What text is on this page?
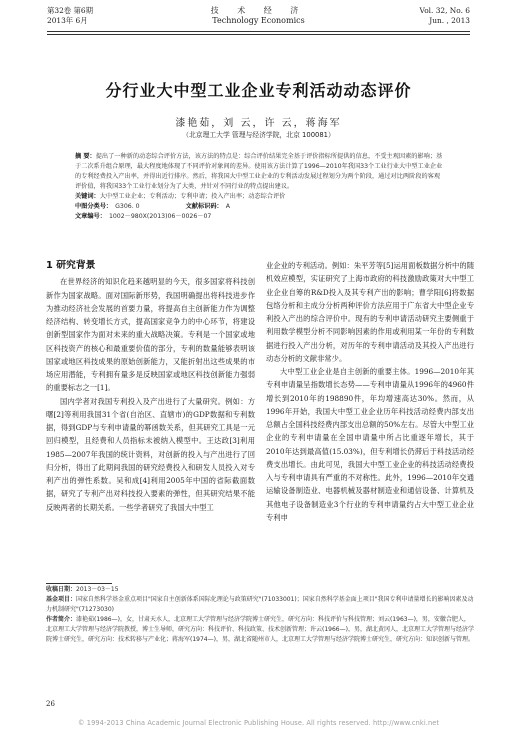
第32卷 第6期
2013年 6月
技 术 经 济
Technology Economics
Vol. 32, No. 6
Jun. , 2013
分行业大中型工业企业专利活动动态评价
漆艳茹，刘 云，许 云，蒋海军
（北京理工大学 管理与经济学院，北京 100081）

摘 要：提出了一种新的动态综合评价方法，该方法的特点是：综合评价结果完全基于评价指标所提供的信息，不受主观因素的影响；基于二次系升组合原理，最大程度地体现了不同评价对象间的差异。使用该方法计算了1996—2010年我国33个工业行业大中型工业企业的专利经费投入产出率，并得出近行排序。然后，将我国大中型工业企业的专利活动发展过程划分为两个阶段，通过对比两阶段的客观评价值，将我国33个工业行业划分为了大类，并针对不同行业的特点提出建议。

关键词：大中型工业企业；专利活动；专利申请；投入产出率；动态综合评价

中图分类号： G306. 0	文献标识码： A 文章编号： 1002－980X(2013)06－0026－07

1 研究背景

在世界经济的知识化趋来越明显的今天，很多国家将科技创新作为国家战略。面对国际新形势，我国明确提出将科技进步作为推动经济社会发展的首要力量，将提高自主创新能力作为调整经济结构、转变增长方式，提高国家竞争力的中心环节，将建设创新型国家作为面对未来的重大战略决策。专利是一个国家或地区科技资产的核心和最重要价值的部分，专利的数量能够表明该国家或地区科技成果的原始创新能力，又能折射出这些成果的市场应用潜能，专利拥有量多是反映国家或地区科技创新能力强弱的重要标志之一[1]。

国内学者对我国专利投入及产出进行了大量研究。例如：方曙[2]等利用我国31个省(自治区、直辖市)的GDP数据和专利数据，得到GDP与专利申请量的幂函数关系，但其研究工具是一元回归模型，且经费和人员指标未被纳入模型中。王达政[3]利用1985—2007年我国的统计资料，对创新的投入与产出进行了回归分析，得出了此期间我国的研究经费投入和研发人员投入对专利产出的弹性系数。吴和成[4]利用2005年中国的省际截面数据，研究了专利产出对科技投入要素的弹性，但其研究结果不能反映两者的长期关系。一些学者研究了我国大中型工

业企业的专利活动。例如：朱平芳等[5]运用面板数据分析中的随机效应模型，实证研究了上海市政府的科技激励政策对大中型工业企业自筹的R&D投入及其专利产出的影响；曹学阳[6]将数据包络分析和主成分分析两种评价方法应用于广东省大中型企业专利投入产出的综合评价中。现有的专利申请活动研究主要侧重于利用数学模型分析不同影响因素的作用或利用某一年份的专利数据进行投入产出分析，对历年的专利申请活动及其投入产出进行动态分析的文献非常少。

大中型工业企业是自主创新的重要主体。1996—2010年其专利申请量呈指数增长态势——专利申请量从1996年的4960件增长到2010年的198890件，年均增速高达30%。然而，从1996年开始，我国大中型工业企业历年科技活动经费内部支出总额占全国科技经费内部支出总额的50%左右。尽管大中型工业企业的专利申请量在全国申请量中所占比重逐年增长，其于2010年达到最高值(15.03%)，但专利增长仍滞后于科技活动经费支出增长。由此可见，我国大中型工业企业的科技活动经费投入与专利申请具有严重的不对称性。此外，1996—2010年交通运输设备制造业、电器机械及器材制造业和通信设备、计算机及其他电子设备制造业3个行业的专利申请量约占大中型工业企业专利申

收稿日期：2013－03－15

基金项目：国家自然科学基金重点项目"国家自主创新体系国际化理论与政策研究"(71033001)；国家自然科学基金面上项目"我国专利申请量增长的影响因素及动力机制研究"(71273030)

作者简介：漆艳茹(1986—)，女，甘肃天水人，北京理工大学管理与经济学院博士研究生，研究方向：科技评价与科技管理；刘云(1963—)，男，安徽合肥人，北京理工大学管理与经济学院教授，博士生导师，研究方向：科技评价、科技政策、技术创新管理；许云(1966—)，男，湖北黄冈人，北京理工大学管理与经济学院博士研究生，研究方向：技术转移与产业化；蒋海军(1974—)，男，湖北省随州市人，北京理工大学管理与经济学院博士研究生，研究方向：知识创新与管理。

26
© 1994-2013 China Academic Journal Electronic Publishing House. All rights reserved. http://www.cnki.net
